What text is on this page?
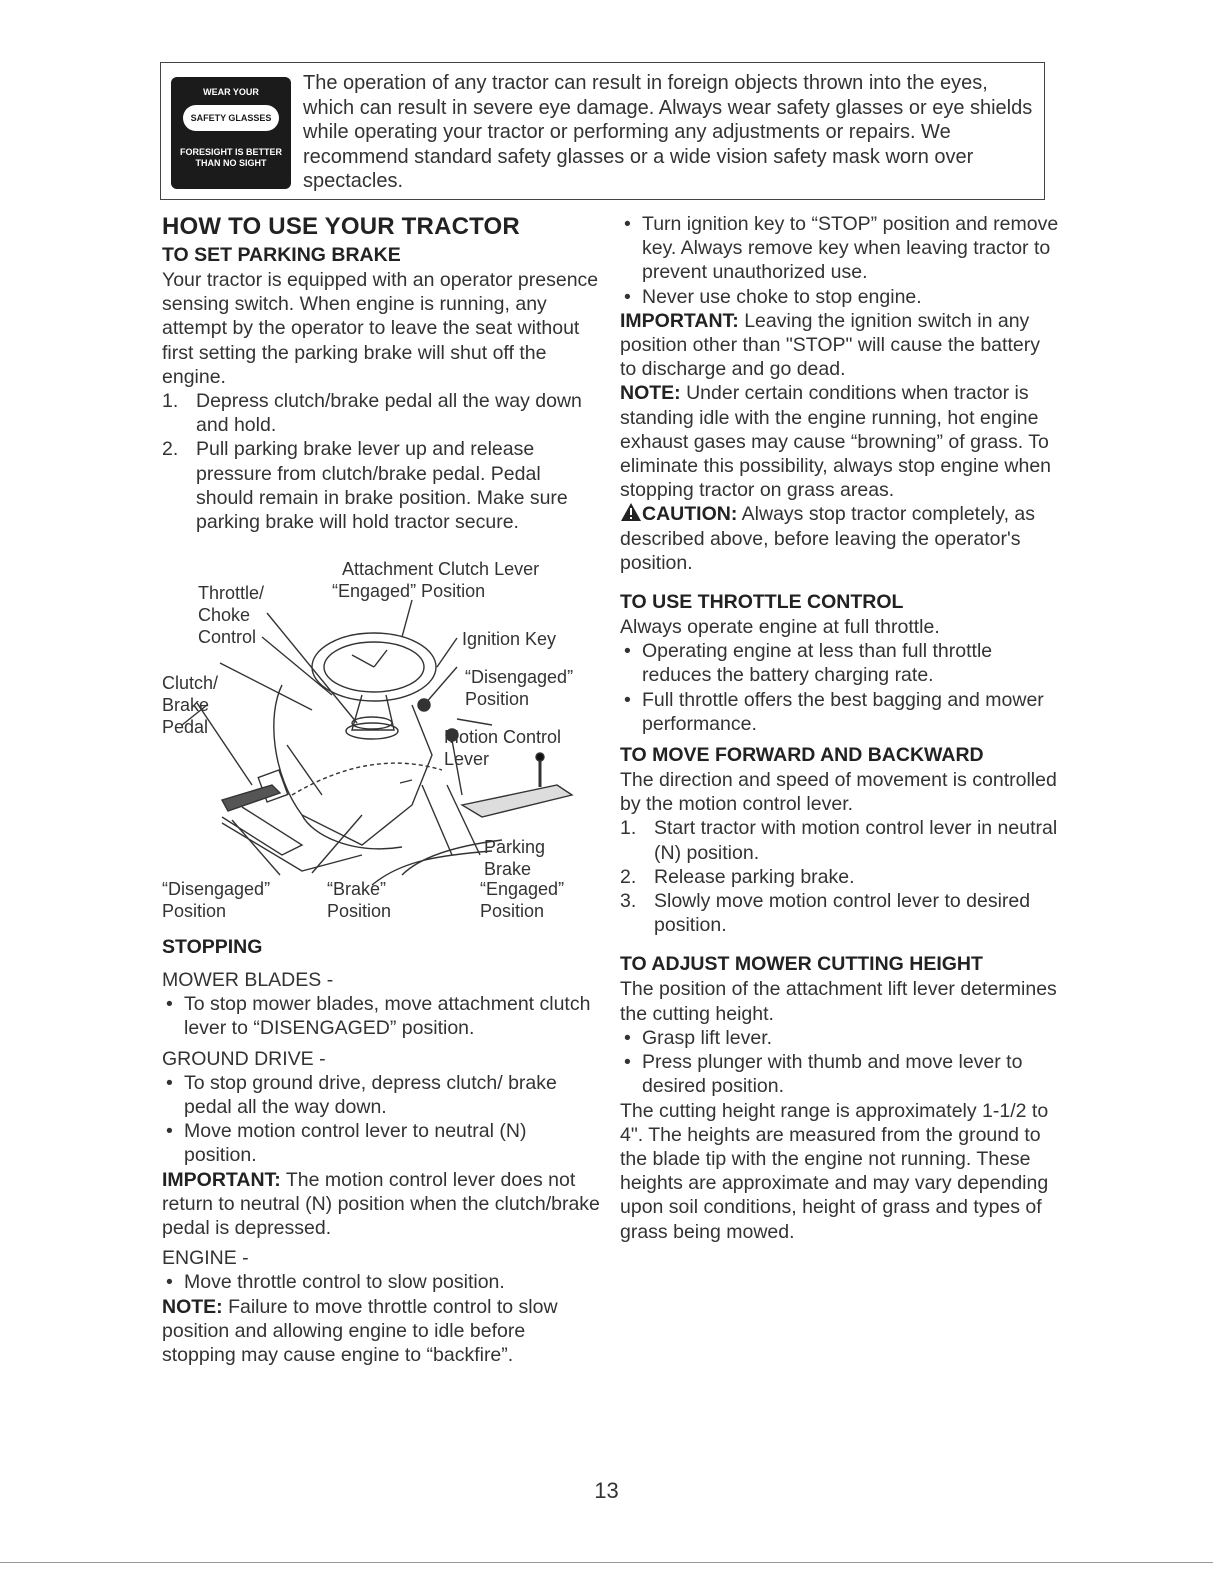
WEAR YOUR
SAFETY GLASSES
FORESIGHT IS BETTER
THAN NO SIGHT
The operation of any tractor can result in foreign objects thrown into the eyes, which can result in severe eye damage. Always wear safety glasses or eye shields while operating your tractor or performing any adjustments or repairs. We recommend standard safety glasses or a wide vision safety mask worn over spectacles.
HOW TO USE YOUR TRACTOR
TO SET PARKING BRAKE

Your tractor is equipped with an operator presence sensing switch. When engine is running, any attempt by the operator to leave the seat without first setting the parking brake will shut off the engine.

1. Depress clutch/brake pedal all the way down and hold.
2. Pull parking brake lever up and release pressure from clutch/brake pedal. Pedal should remain in brake position. Make sure parking brake will hold tractor secure.
Attachment Clutch Lever
“Engaged” Position
Throttle/
Choke
Control	Ignition Key
Clutch/
Brake
Pedal
“Disengaged”
Position
Motion Control
Lever
Parking
Brake
“Disengaged”
Position
“Brake”
Position
“Engaged”
Position
STOPPING

MOWER BLADES -

• To stop mower blades, move attachment clutch lever to “DISENGAGED” position.

GROUND DRIVE -

• To stop ground drive, depress clutch/ brake pedal all the way down.
• Move motion control lever to neutral (N) position.

IMPORTANT: The motion control lever does not return to neutral (N) position when the clutch/brake pedal is depressed.

ENGINE -

• Move throttle control to slow position.

NOTE: Failure to move throttle control to slow position and allowing engine to idle before stopping may cause engine to “backfire”.

• Turn ignition key to “STOP” position and remove key. Always remove key when leaving tractor to prevent unauthorized use.
• Never use choke to stop engine.

IMPORTANT: Leaving the ignition switch in any position other than "STOP" will cause the battery to discharge and go dead.

NOTE: Under certain conditions when tractor is standing idle with the engine running, hot engine exhaust gases may cause “browning” of grass. To eliminate this possibility, always stop engine when stopping tractor on grass areas.

CAUTION: Always stop tractor completely, as described above, before leaving the operator's position.

TO USE THROTTLE CONTROL

Always operate engine at full throttle.

• Operating engine at less than full throttle reduces the battery charging rate.
• Full throttle offers the best bagging and mower performance.
TO MOVE FORWARD AND BACKWARD

The direction and speed of movement is controlled by the motion control lever.

1. Start tractor with motion control lever in neutral (N) position.
2. Release parking brake.
3. Slowly move motion control lever to desired position.
TO ADJUST MOWER CUTTING HEIGHT

The position of the attachment lift lever determines the cutting height.

• Grasp lift lever.
• Press plunger with thumb and move lever to desired position.

The cutting height range is approximately 1-1/2 to 4". The heights are measured from the ground to the blade tip with the engine not running. These heights are approximate and may vary depending upon soil conditions, height of grass and types of grass being mowed.

13
